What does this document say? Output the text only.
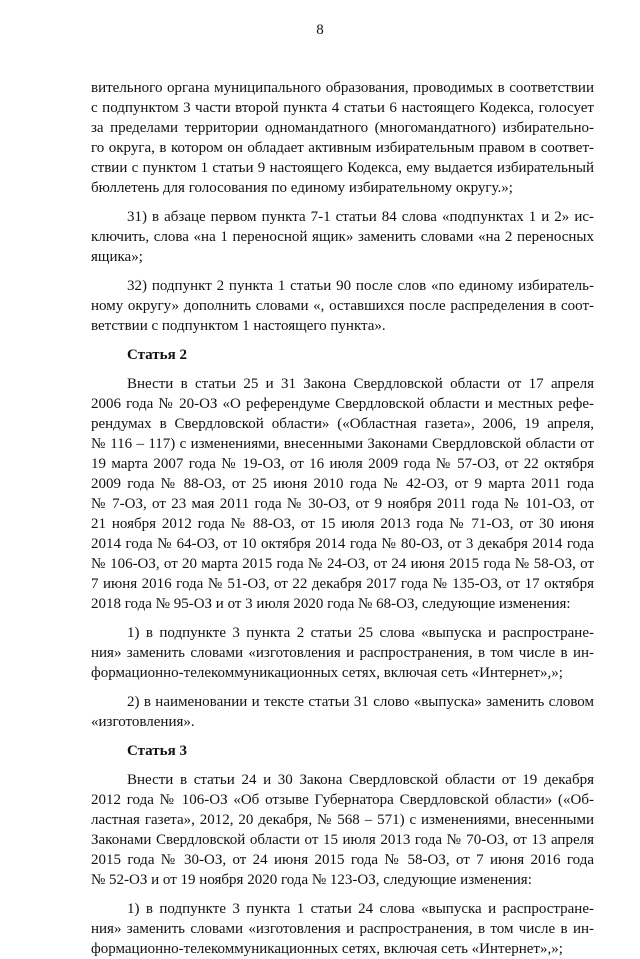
8
вительного органа муниципального образования, проводимых в соответствии
с подпунктом 3 части второй пункта 4 статьи 6 настоящего Кодекса, голосует
за пределами территории одномандатного (многомандатного) избирательно-
го округа, в котором он обладает активным избирательным правом в соответ-
ствии с пунктом 1 статьи 9 настоящего Кодекса, ему выдается избирательный
бюллетень для голосования по единому избирательному округу.»;
31) в абзаце первом пункта 7-1 статьи 84 слова «подпунктах 1 и 2» ис-
ключить, слова «на 1 переносной ящик» заменить словами «на 2 переносных
ящика»;
32) подпункт 2 пункта 1 статьи 90 после слов «по единому избиратель-
ному округу» дополнить словами «, оставшихся после распределения в соот-
ветствии с подпунктом 1 настоящего пункта».
Статья 2
Внести в статьи 25 и 31 Закона Свердловской области от 17 апреля
2006 года № 20-ОЗ «О референдуме Свердловской области и местных рефе-
рендумах в Свердловской области» («Областная газета», 2006, 19 апреля,
№ 116 – 117) с изменениями, внесенными Законами Свердловской области от
19 марта 2007 года № 19-ОЗ, от 16 июля 2009 года № 57-ОЗ, от 22 октября
2009 года № 88-ОЗ, от 25 июня 2010 года № 42-ОЗ, от 9 марта 2011 года
№ 7-ОЗ, от 23 мая 2011 года № 30-ОЗ, от 9 ноября 2011 года № 101-ОЗ, от
21 ноября 2012 года № 88-ОЗ, от 15 июля 2013 года № 71-ОЗ, от 30 июня
2014 года № 64-ОЗ, от 10 октября 2014 года № 80-ОЗ, от 3 декабря 2014 года
№ 106-ОЗ, от 20 марта 2015 года № 24-ОЗ, от 24 июня 2015 года № 58-ОЗ, от
7 июня 2016 года № 51-ОЗ, от 22 декабря 2017 года № 135-ОЗ, от 17 октября
2018 года № 95-ОЗ и от 3 июля 2020 года № 68-ОЗ, следующие изменения:
1) в подпункте 3 пункта 2 статьи 25 слова «выпуска и распростране-
ния» заменить словами «изготовления и распространения, в том числе в ин-
формационно-телекоммуникационных сетях, включая сеть «Интернет»,»;
2) в наименовании и тексте статьи 31 слово «выпуска» заменить словом
«изготовления».
Статья 3
Внести в статьи 24 и 30 Закона Свердловской области от 19 декабря
2012 года № 106-ОЗ «Об отзыве Губернатора Свердловской области» («Об-
ластная газета», 2012, 20 декабря, № 568 – 571) с изменениями, внесенными
Законами Свердловской области от 15 июля 2013 года № 70-ОЗ, от 13 апреля
2015 года № 30-ОЗ, от 24 июня 2015 года № 58-ОЗ, от 7 июня 2016 года
№ 52-ОЗ и от 19 ноября 2020 года № 123-ОЗ, следующие изменения:
1) в подпункте 3 пункта 1 статьи 24 слова «выпуска и распростране-
ния» заменить словами «изготовления и распространения, в том числе в ин-
формационно-телекоммуникационных сетях, включая сеть «Интернет»,»;
